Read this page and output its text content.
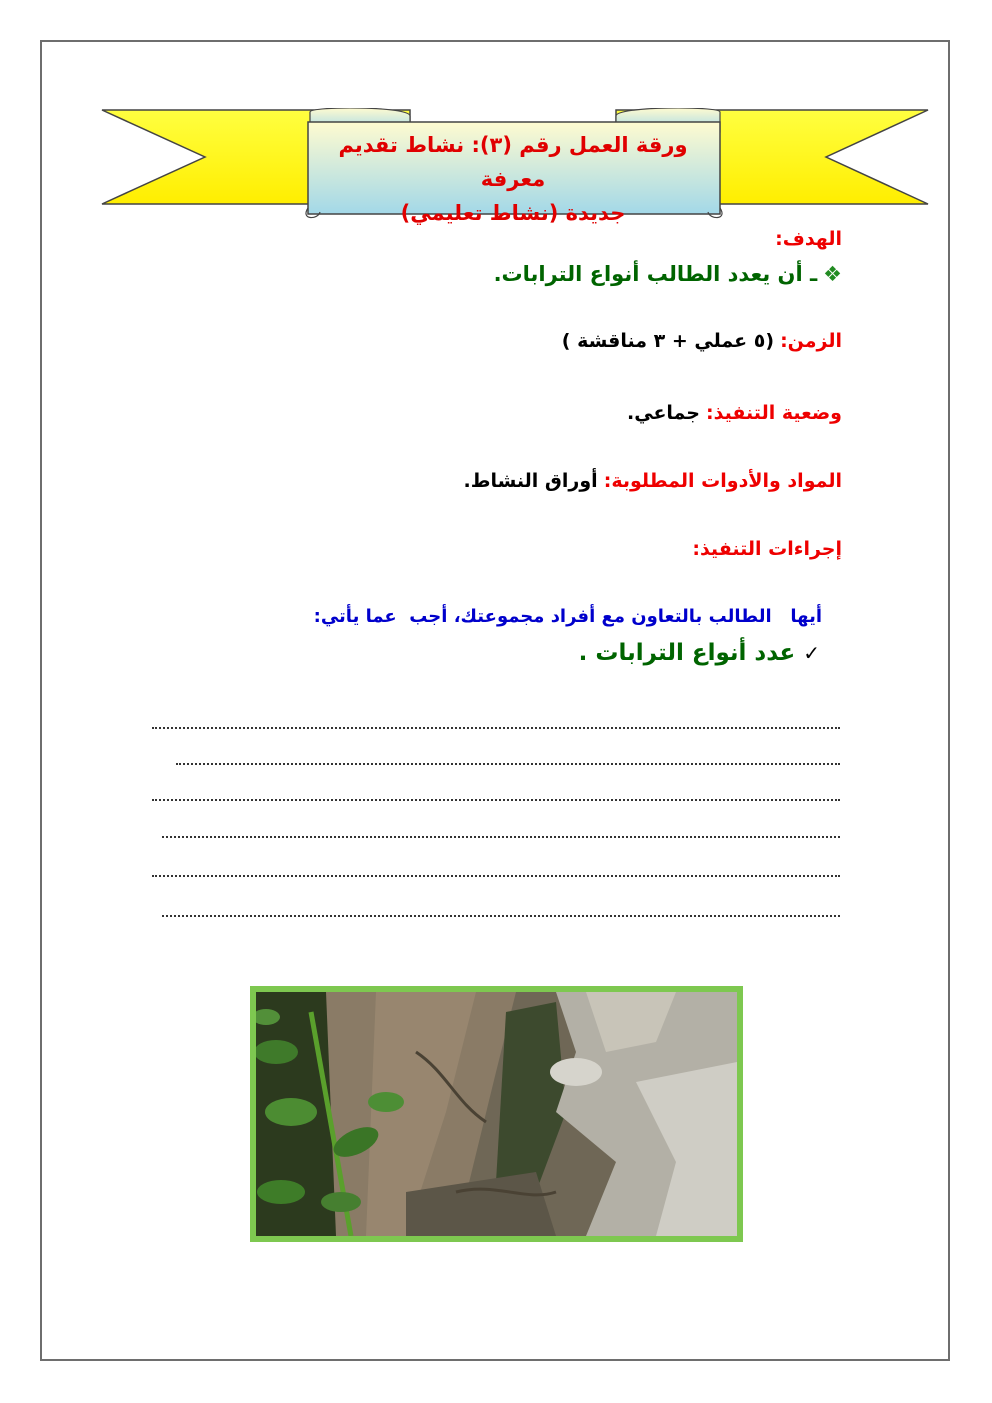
ورقة العمل رقم (٣): نشاط تقديم معرفة
جديدة (نشاط تعليمي)
الهدف:
❖ـ أن يعدد الطالب أنواع الترابات.
الزمن: (٥ عملي + ٣ مناقشة )
وضعية التنفيذ: جماعي.
المواد والأدوات المطلوبة: أوراق النشاط.
إجراءات التنفيذ:
أيها   الطالب بالتعاون مع أفراد مجموعتك، أجب  عما يأتي:
✓عدد أنواع الترابات .
